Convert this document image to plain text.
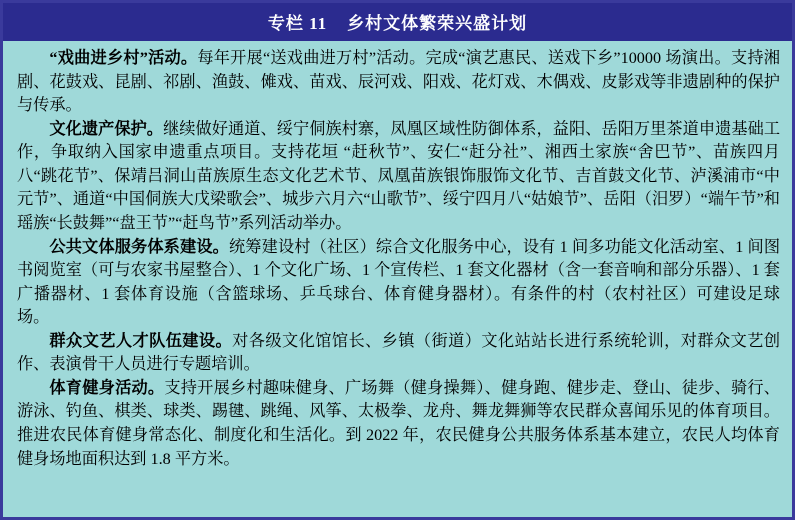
专栏 11 乡村文体繁荣兴盛计划

“戏曲进乡村”活动。每年开展“送戏曲进万村”活动。完成“演艺惠民、送戏下乡”10000 场演出。支持湘剧、花鼓戏、昆剧、祁剧、渔鼓、傩戏、苗戏、辰河戏、阳戏、花灯戏、木偶戏、皮影戏等非遗剧种的保护与传承。

文化遗产保护。继续做好通道、绥宁侗族村寨，凤凰区域性防御体系，益阳、岳阳万里茶道申遗基础工作，争取纳入国家申遗重点项目。支持花垣 “赶秋节”、安仁“赶分社”、湘西土家族“舍巴节”、苗族四月八“跳花节”、保靖吕洞山苗族原生态文化艺术节、凤凰苗族银饰服饰文化节、吉首鼓文化节、泸溪浦市“中元节”、通道“中国侗族大戊梁歌会”、城步六月六“山歌节”、绥宁四月八“姑娘节”、岳阳（汨罗）“端午节”和瑶族“长鼓舞”“盘王节”“赶鸟节”系列活动举办。

公共文体服务体系建设。统筹建设村（社区）综合文化服务中心，设有 1 间多功能文化活动室、1 间图书阅览室（可与农家书屋整合）、1 个文化广场、1 个宣传栏、1 套文化器材（含一套音响和部分乐器）、1 套广播器材、1 套体育设施（含篮球场、乒乓球台、体育健身器材）。有条件的村（农村社区）可建设足球场。

群众文艺人才队伍建设。对各级文化馆馆长、乡镇（街道）文化站站长进行系统轮训，对群众文艺创作、表演骨干人员进行专题培训。

体育健身活动。支持开展乡村趣味健身、广场舞（健身操舞）、健身跑、健步走、登山、徒步、骑行、游泳、钓鱼、棋类、球类、踢毽、跳绳、风筝、太极拳、龙舟、舞龙舞狮等农民群众喜闻乐见的体育项目。推进农民体育健身常态化、制度化和生活化。到 2022 年，农民健身公共服务体系基本建立，农民人均体育健身场地面积达到 1.8 平方米。
